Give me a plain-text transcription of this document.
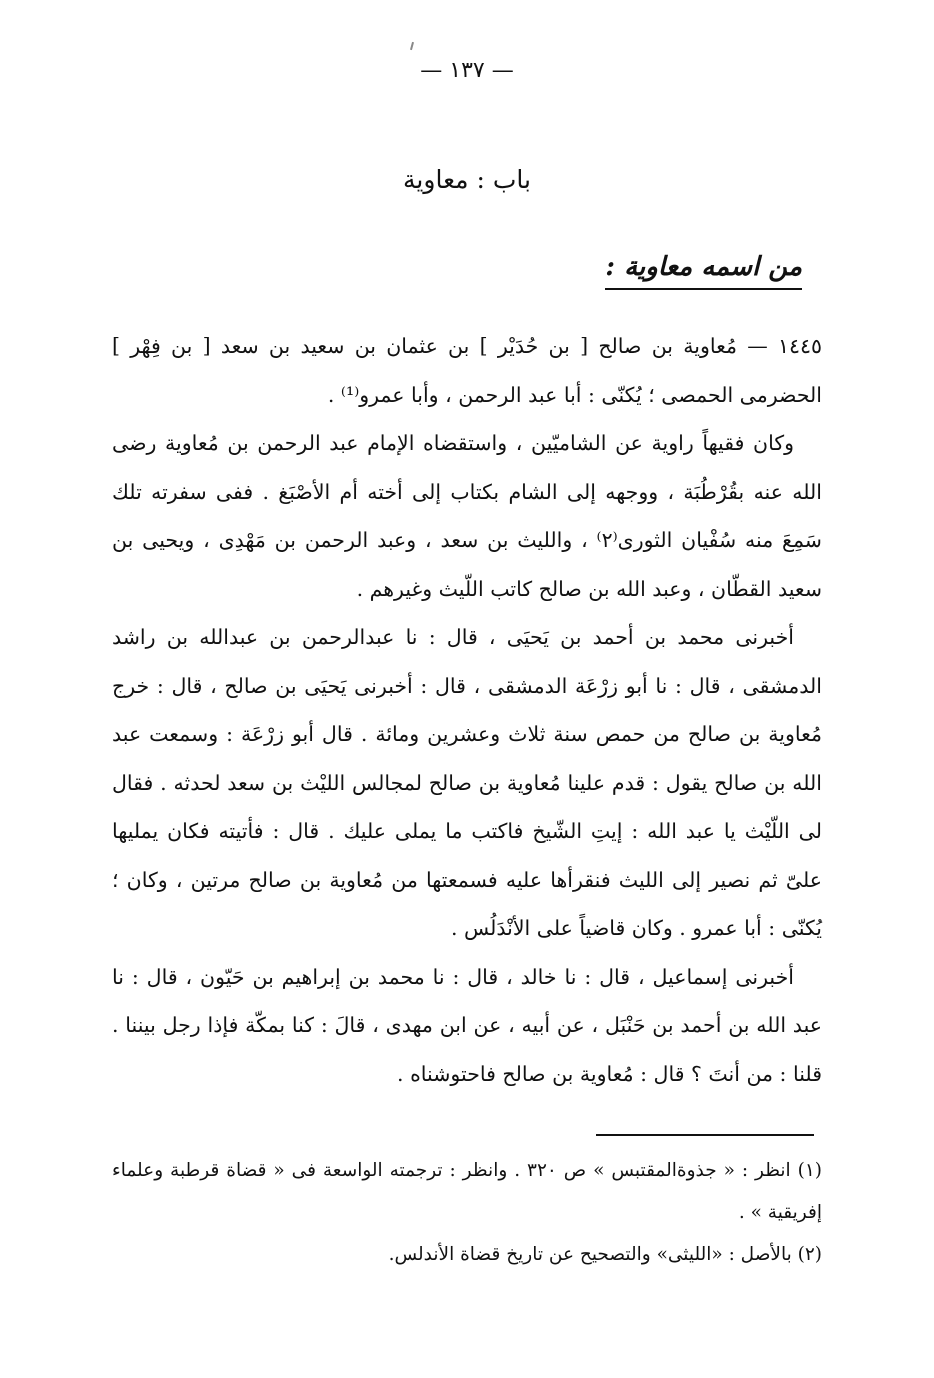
— ١٣٧ —
باب : معاوية
من اسمه معاوية :

١٤٤٥ — مُعاوية بن صالح [ بن حُدَيْر ] بن عثمان بن سعيد بن سعد [ بن فِهْر ] الحضرمى الحمصى ؛ يُكنّى : أبا عبد الرحمن ، وأبا عمرو⁽¹⁾ .

وكان فقيهاً راوية عن الشاميّين ، واستقضاه الإمام عبد الرحمن بن مُعاوية رضى الله عنه بقُرْطُبَة ، ووجهه إلى الشام بكتاب إلى أخته أم الأصْبَغ . ففى سفرته تلك سَمِعَ منه سُفْيان الثورى⁽٢⁾ ، والليث بن سعد ، وعبد الرحمن بن مَهْدِى ، ويحيى بن سعيد القطّان ، وعبد الله بن صالح كاتب اللّيث وغيرهم .

أخبرنى محمد بن أحمد بن يَحيَى ، قال : نا عبدالرحمن بن عبدالله بن راشد الدمشقى ، قال : نا أبو زرْعَة الدمشقى ، قال : أخبرنى يَحيَى بن صالح ، قال : خرج مُعاوية بن صالح من حمص سنة ثلاث وعشرين ومائة . قال أبو زرْعَة : وسمعت عبد الله بن صالح يقول : قدم علينا مُعاوية بن صالح لمجالس الليْث بن سعد لحدثه . فقال لى اللّيْث يا عبد الله : إيتِ الشّيخ فاكتب ما يملى عليك . قال : فأتيته فكان يمليها علىّ ثم نصير إلى الليث فنقرأها عليه فسمعتها من مُعاوية بن صالح مرتين ، وكان ؛ يُكنّى : أبا عمرو . وكان قاضياً على الأنْدَلُس .

أخبرنى إسماعيل ، قال : نا خالد ، قال : نا محمد بن إبراهيم بن حَيّون ، قال : نا عبد الله بن أحمد بن حَنْبَل ، عن أبيه ، عن ابن مهدى ، قالَ : كنا بمكّة فإذا رجل بيننا . قلنا : من أنتَ ؟ قال : مُعاوية بن صالح فاحتوشناه .

(١) انظر : « جذوةالمقتبس » ص ٣٢٠ . وانظر : ترجمته الواسعة فى « قضاة قرطبة وعلماء إفريقية » .

(٢) بالأصل : «الليثى» والتصحيح عن تاريخ قضاة الأندلس.
